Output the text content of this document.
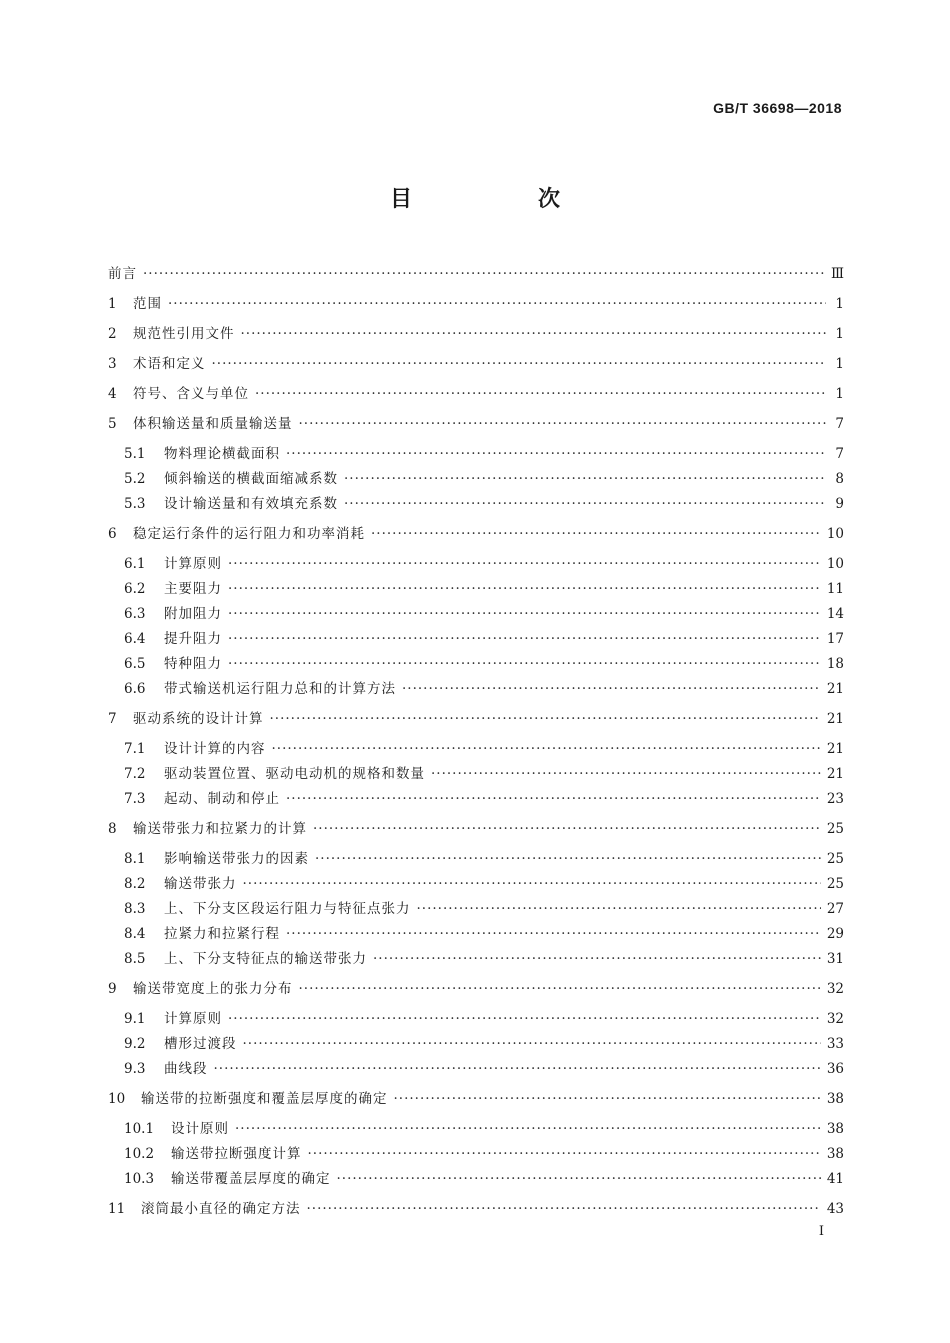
GB/T 36698—2018
目　次
前言 ·····	Ⅲ
1	范围 ·····	1
2	规范性引用文件 ·····	1
3	术语和定义 ·····	1
4	符号、含义与单位 ·····	1
5	体积输送量和质量输送量 ·····	7
5.1	物料理论横截面积 ·····	7
5.2	倾斜输送的横截面缩减系数 ·····	8
5.3	设计输送量和有效填充系数 ·····	9
6	稳定运行条件的运行阻力和功率消耗 ·····	10
6.1	计算原则 ·····	10
6.2	主要阻力 ·····	11
6.3	附加阻力 ·····	14
6.4	提升阻力 ·····	17
6.5	特种阻力 ·····	18
6.6	带式输送机运行阻力总和的计算方法 ·····	21
7	驱动系统的设计计算 ·····	21
7.1	设计计算的内容 ·····	21
7.2	驱动装置位置、驱动电动机的规格和数量 ·····	21
7.3	起动、制动和停止 ·····	23
8	输送带张力和拉紧力的计算 ·····	25
8.1	影响输送带张力的因素 ·····	25
8.2	输送带张力 ·····	25
8.3	上、下分支区段运行阻力与特征点张力 ·····	27
8.4	拉紧力和拉紧行程 ·····	29
8.5	上、下分支特征点的输送带张力 ·····	31
9	输送带宽度上的张力分布 ·····	32
9.1	计算原则 ·····	32
9.2	槽形过渡段 ·····	33
9.3	曲线段 ·····	36
10	输送带的拉断强度和覆盖层厚度的确定 ·····	38
10.1	设计原则 ·····	38
10.2	输送带拉断强度计算 ·····	38
10.3	输送带覆盖层厚度的确定 ·····	41
11	滚筒最小直径的确定方法 ·····	43
I
